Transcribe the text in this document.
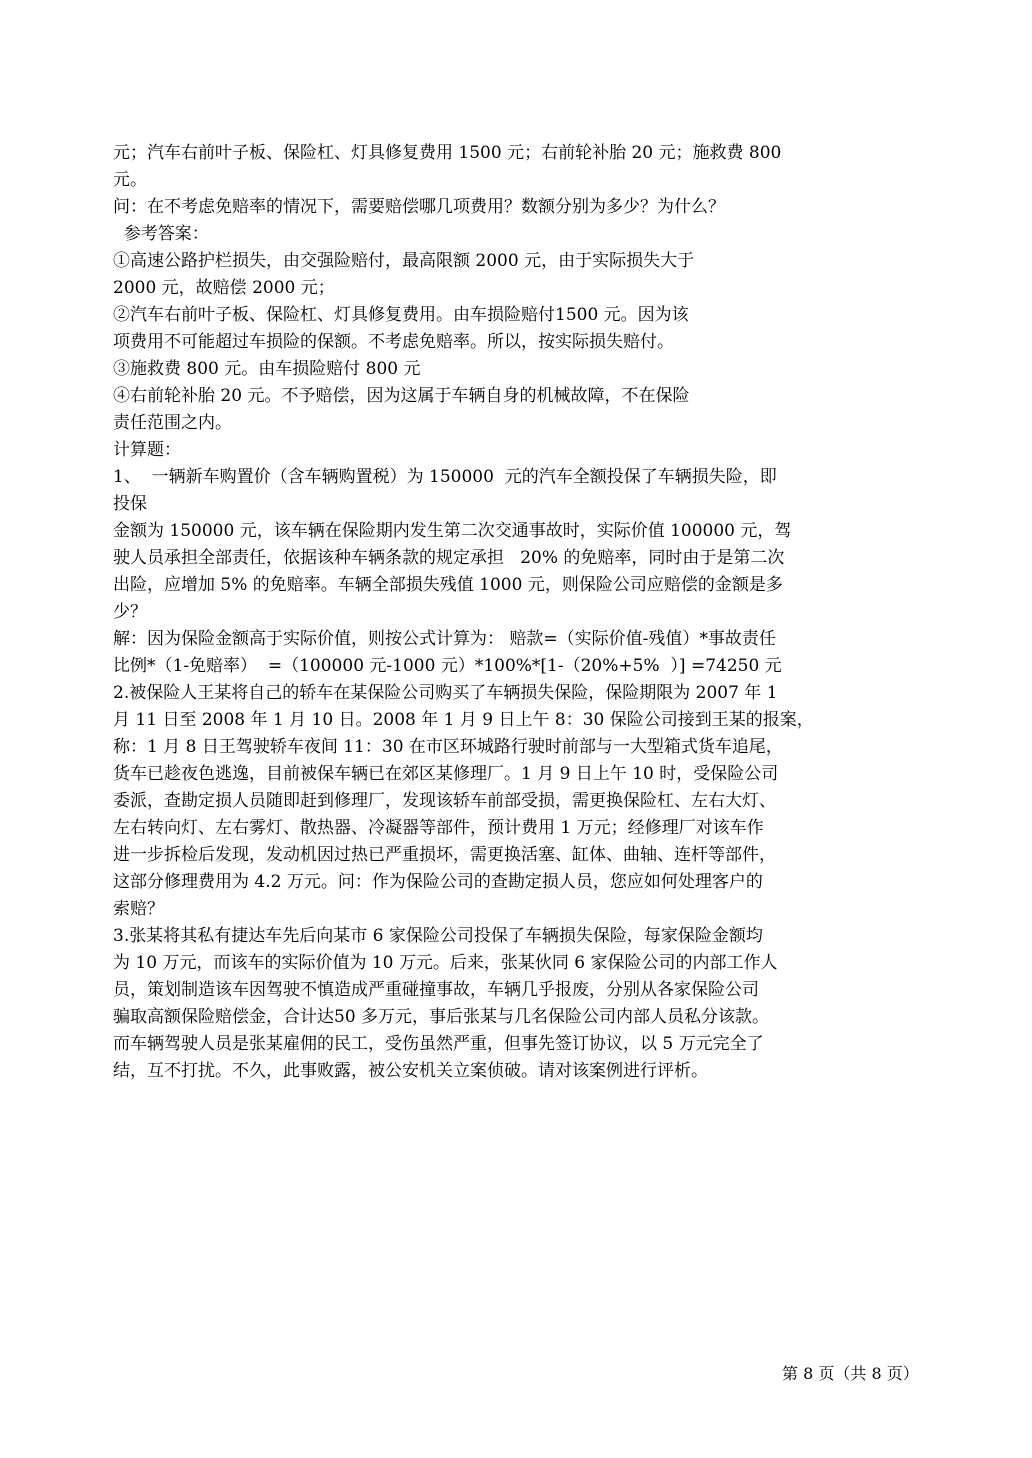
元；汽车右前叶子板、保险杠、灯具修复费用 1500 元；右前轮补胎 20 元；施救费 800
元。
问：在不考虑免赔率的情况下，需要赔偿哪几项费用？数额分别为多少？为什么？
参考答案：
①高速公路护栏损失，由交强险赔付，最高限额 2000 元，由于实际损失大于
2000 元，故赔偿 2000 元；
②汽车右前叶子板、保险杠、灯具修复费用。由车损险赔付1500 元。因为该
项费用不可能超过车损险的保额。不考虑免赔率。所以，按实际损失赔付。
③施救费 800 元。由车损险赔付 800 元
④右前轮补胎 20 元。不予赔偿，因为这属于车辆自身的机械故障，不在保险
责任范围之内。
计算题：
1、  一辆新车购置价（含车辆购置税）为 150000  元的汽车全额投保了车辆损失险，即
投保
金额为 150000 元，该车辆在保险期内发生第二次交通事故时，实际价值 100000 元，驾
驶人员承担全部责任，依据该种车辆条款的规定承担   20% 的免赔率，同时由于是第二次
出险，应增加 5% 的免赔率。车辆全部损失残值 1000 元，则保险公司应赔偿的金额是多
少？
解：因为保险金额高于实际价值，则按公式计算为： 赔款=（实际价值-残值）*事故责任
比例*（1-免赔率）  =（100000 元-1000 元）*100%*[1-（20%+5%  ）] =74250 元
2.被保险人王某将自己的轿车在某保险公司购买了车辆损失保险，保险期限为 2007 年 1
月 11 日至 2008 年 1 月 10 日。2008 年 1 月 9 日上午 8：30 保险公司接到王某的报案，
称：1 月 8 日王驾驶轿车夜间 11：30 在市区环城路行驶时前部与一大型箱式货车追尾，
货车已趁夜色逃逸，目前被保车辆已在郊区某修理厂。1 月 9 日上午 10 时，受保险公司
委派，查勘定损人员随即赶到修理厂，发现该轿车前部受损，需更换保险杠、左右大灯、
左右转向灯、左右雾灯、散热器、冷凝器等部件，预计费用 1 万元；经修理厂对该车作
进一步拆检后发现，发动机因过热已严重损坏，需更换活塞、缸体、曲轴、连杆等部件，
这部分修理费用为 4.2 万元。问：作为保险公司的查勘定损人员，您应如何处理客户的
索赔？
3.张某将其私有捷达车先后向某市 6 家保险公司投保了车辆损失保险，每家保险金额均
为 10 万元，而该车的实际价值为 10 万元。后来，张某伙同 6 家保险公司的内部工作人
员，策划制造该车因驾驶不慎造成严重碰撞事故，车辆几乎报废，分别从各家保险公司
骗取高额保险赔偿金，合计达50 多万元，事后张某与几名保险公司内部人员私分该款。
而车辆驾驶人员是张某雇佣的民工，受伤虽然严重，但事先签订协议，以 5 万元完全了
结，互不打扰。不久，此事败露，被公安机关立案侦破。请对该案例进行评析。
第 8 页（共 8 页）
